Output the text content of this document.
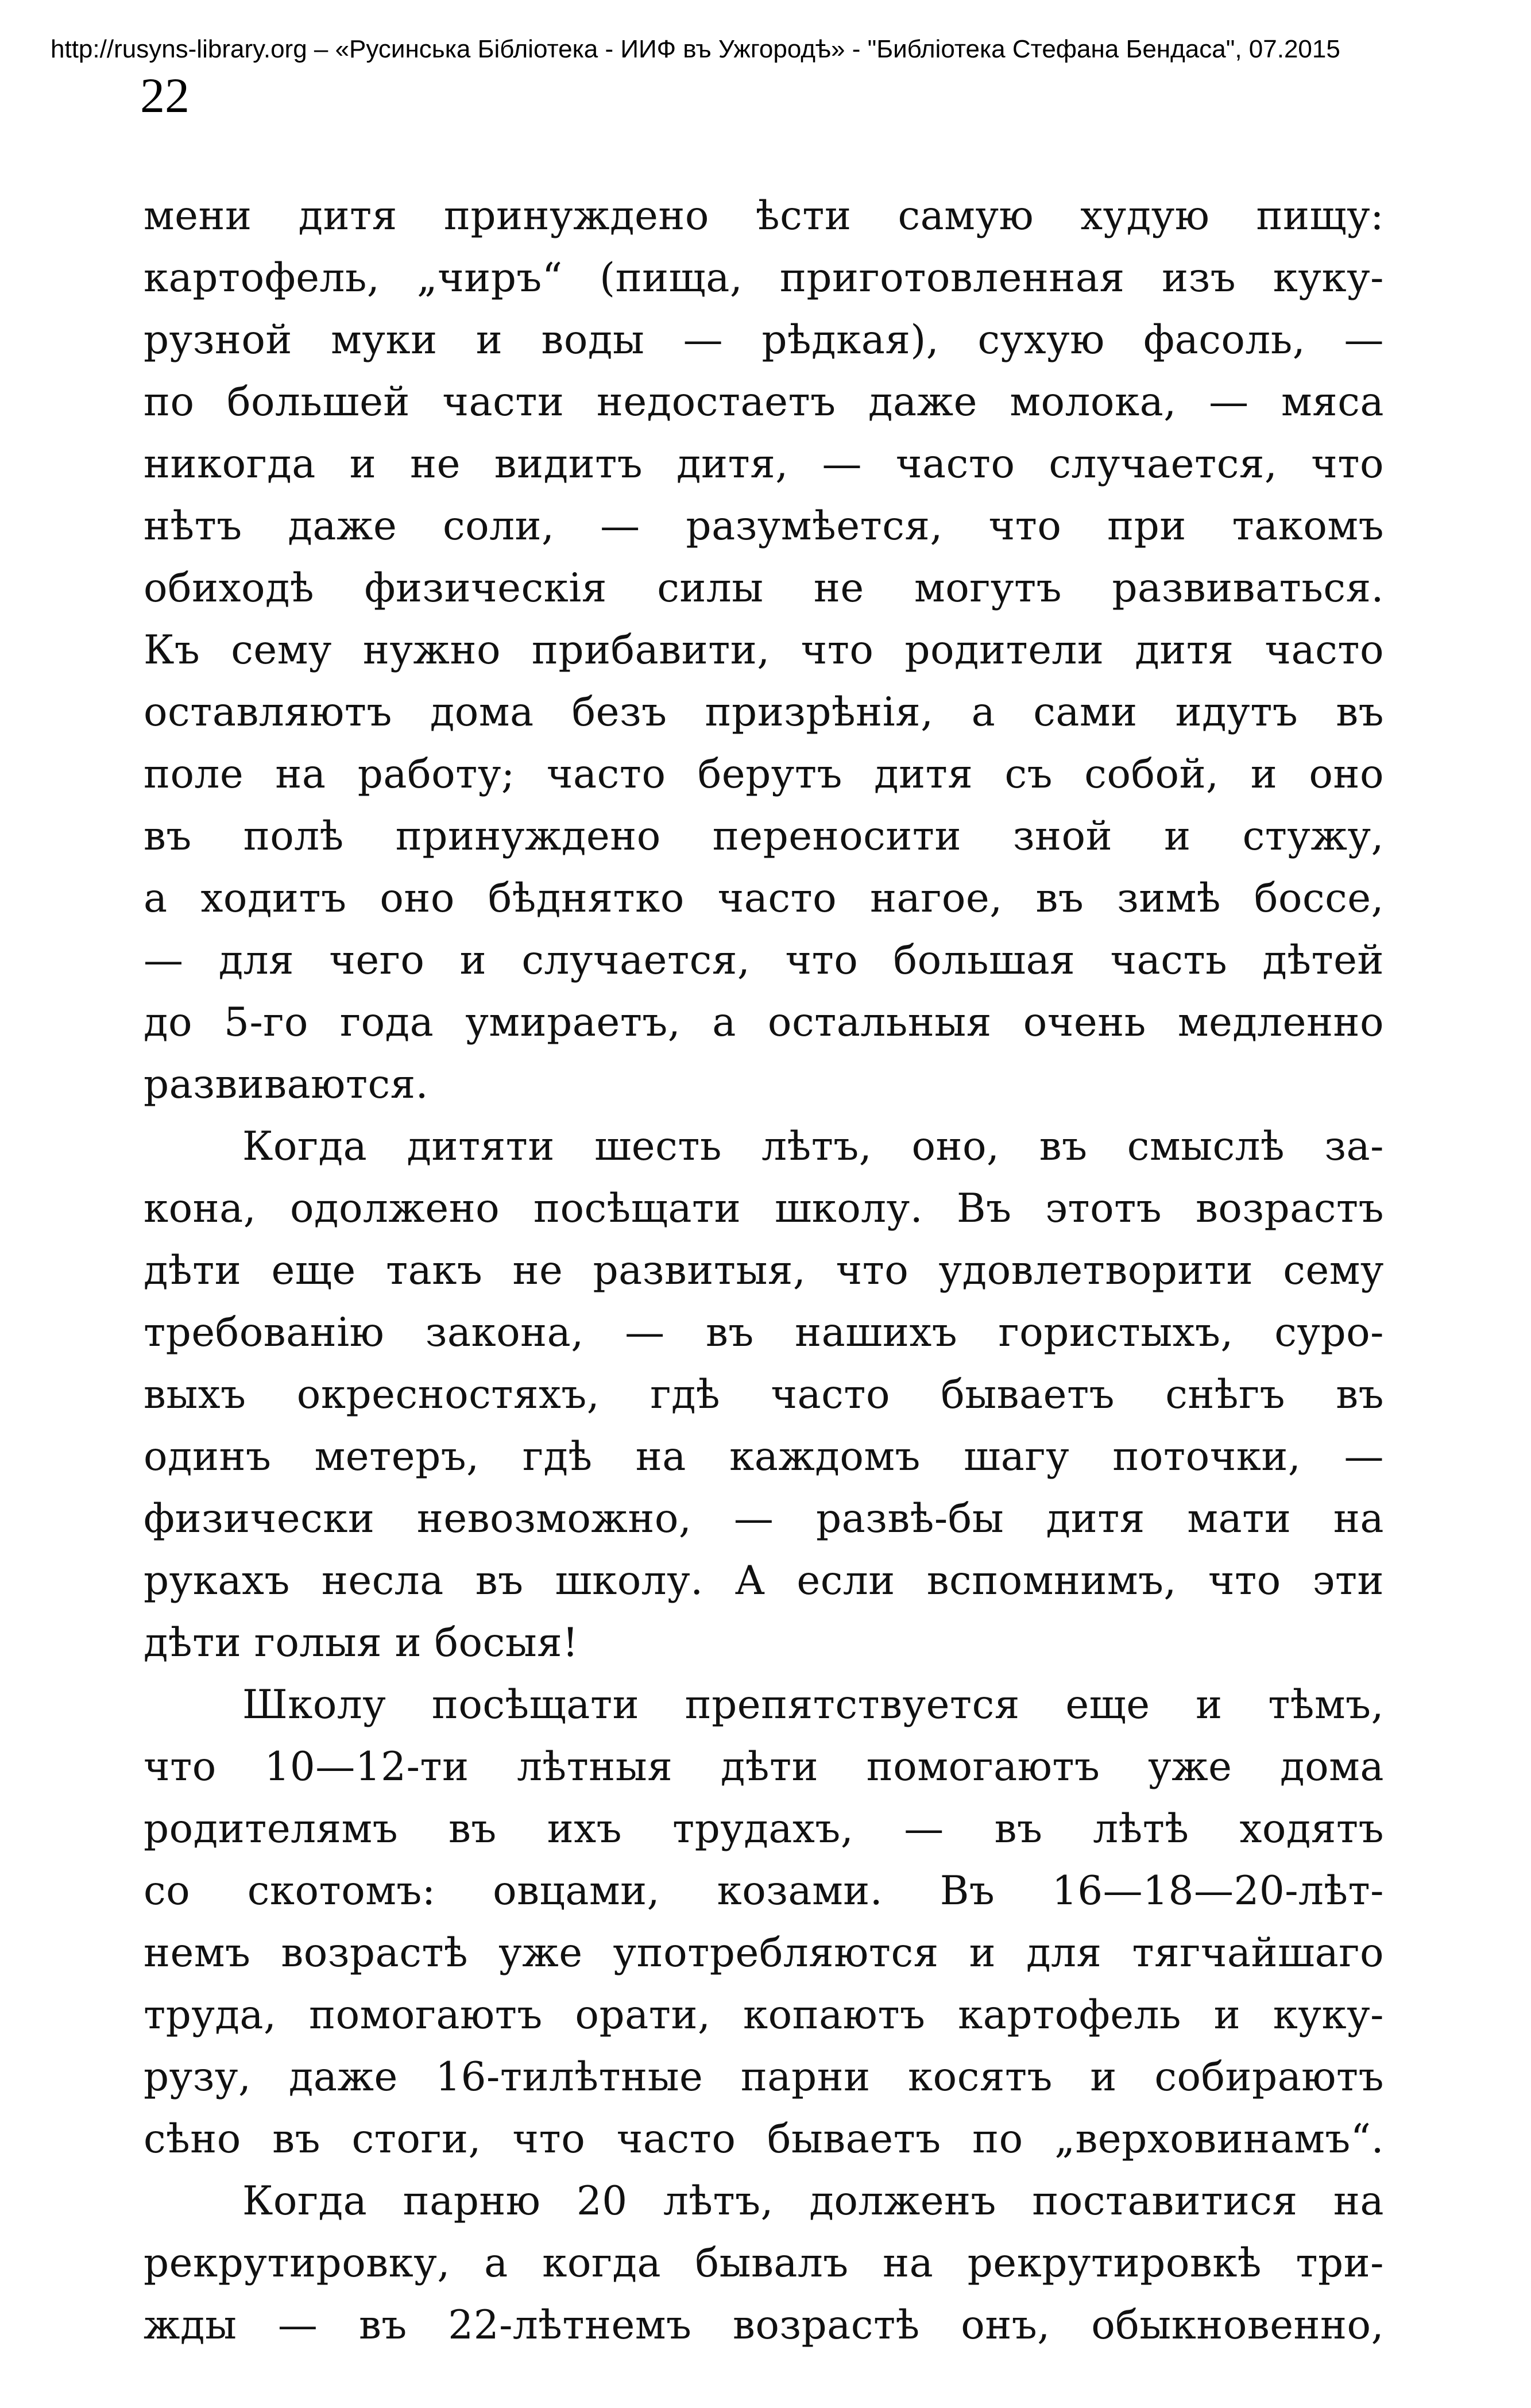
http://rusyns-library.org – «Русинська Бібліотека - ИИФ въ Ужгородѣ» - "Библіотека Стефана Бендаса", 07.2015
22
мени дитя принуждено ѣсти самую худую пищу:
картофель, „чиръ“ (пища, приготовленная изъ куку-
рузной муки и воды — рѣдкая), сухую фасоль, —
по большей части недостаетъ даже молока, — мяса
никогда и не видитъ дитя, — часто случается, что
нѣтъ даже соли, — разумѣется, что при такомъ
обиходѣ физическія силы не могутъ развиваться.
Къ сему нужно прибавити, что родители дитя часто
оставляютъ дома безъ призрѣнія, а сами идутъ въ
поле на работу; часто берутъ дитя съ собой, и оно
въ полѣ принуждено переносити зной и стужу,
а ходитъ оно бѣднятко часто нагое, въ зимѣ боссе,
— для чего и случается, что большая часть дѣтей
до 5-го года умираетъ, а остальныя очень медленно
развиваются.
Когда дитяти шесть лѣтъ, оно, въ смыслѣ за-
кона, одолжено посѣщати школу. Въ этотъ возрастъ
дѣти еще такъ не развитыя, что удовлетворити сему
требованію закона, — въ нашихъ гористыхъ, суро-
выхъ окресностяхъ, гдѣ часто бываетъ снѣгъ въ
одинъ метеръ, гдѣ на каждомъ шагу поточки, —
физически невозможно, — развѣ-бы дитя мати на
рукахъ несла въ школу. А если вспомнимъ, что эти
дѣти голыя и босыя!
Школу посѣщати препятствуется еще и тѣмъ,
что 10—12-ти лѣтныя дѣти помогаютъ уже дома
родителямъ въ ихъ трудахъ, — въ лѣтѣ ходятъ
со скотомъ: овцами, козами. Въ 16—18—20-лѣт-
немъ возрастѣ уже употребляются и для тягчайшаго
труда, помогаютъ орати, копаютъ картофель и куку-
рузу, даже 16-тилѣтные парни косятъ и собираютъ
сѣно въ стоги, что часто бываетъ по „верховинамъ“.
Когда парню 20 лѣтъ, долженъ поставитися на
рекрутировку, а когда бывалъ на рекрутировкѣ три-
жды — въ 22-лѣтнемъ возрастѣ онъ, обыкновенно,
